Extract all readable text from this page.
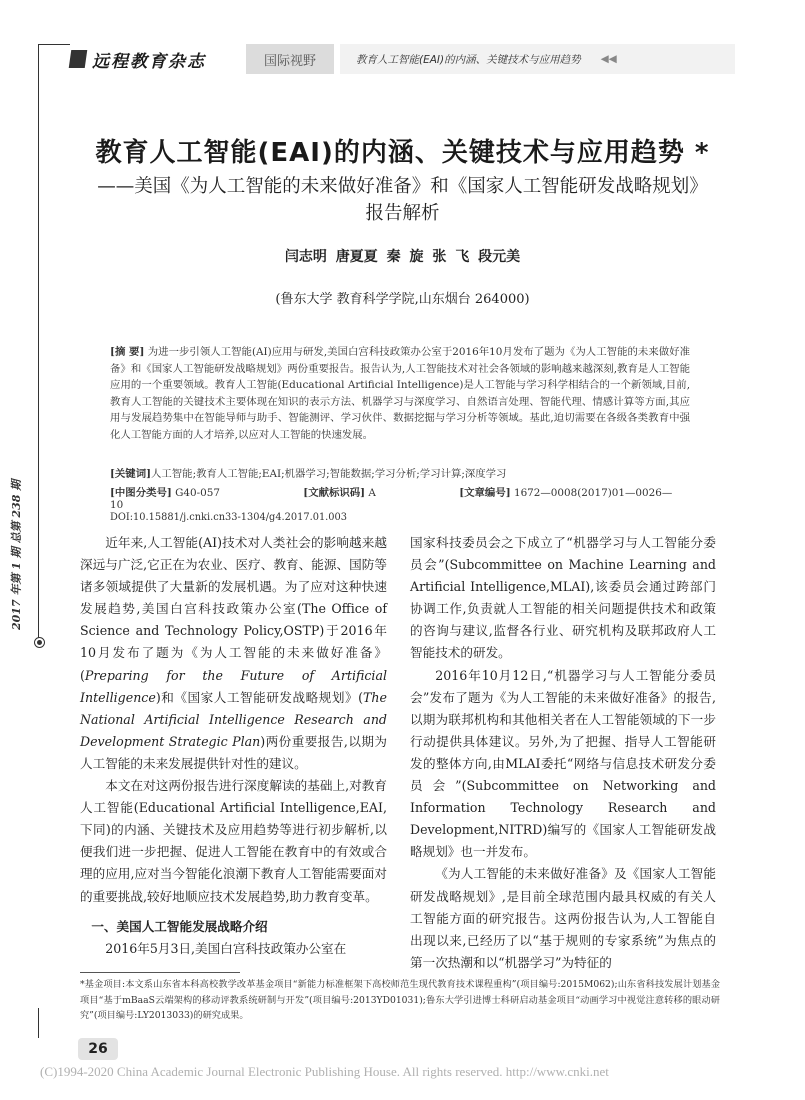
远程教育杂志	国际视野	教育人工智能(EAI)的内涵、关键技术与应用趋势 ◀◀
2017 年第 1 期 总第 238 期
教育人工智能(EAI)的内涵、关键技术与应用趋势 *
——美国《为人工智能的未来做好准备》和《国家人工智能研发战略规划》
报告解析
闫志明 唐夏夏 秦 旋 张 飞 段元美
(鲁东大学 教育科学学院,山东烟台 264000)
[摘 要] 为进一步引领人工智能(AI)应用与研发,美国白宫科技政策办公室于2016年10月发布了题为《为人工智能的未来做好准备》和《国家人工智能研发战略规划》两份重要报告。报告认为,人工智能技术对社会各领域的影响越来越深刻,教育是人工智能应用的一个重要领域。教育人工智能(Educational Artificial Intelligence)是人工智能与学习科学相结合的一个新领域,目前,教育人工智能的关键技术主要体现在知识的表示方法、机器学习与深度学习、自然语言处理、智能代理、情感计算等方面,其应用与发展趋势集中在智能导师与助手、智能测评、学习伙伴、数据挖掘与学习分析等领域。基此,迫切需要在各级各类教育中强化人工智能方面的人才培养,以应对人工智能的快速发展。
[关键词]人工智能;教育人工智能;EAI;机器学习;智能数据;学习分析;学习计算;深度学习
[中图分类号] G40-057	[文献标识码] A	[文章编号] 1672—0008(2017)01—0026—10
DOI:10.15881/j.cnki.cn33-1304/g4.2017.01.003

近年来,人工智能(AI)技术对人类社会的影响越来越深远与广泛,它正在为农业、医疗、教育、能源、国防等诸多领域提供了大量新的发展机遇。为了应对这种快速发展趋势,美国白宫科技政策办公室(The Office of Science and Technology Policy,OSTP)于2016年10月发布了题为《为人工智能的未来做好准备》(Preparing for the Future of Artificial Intelligence)和《国家人工智能研发战略规划》(The National Artificial Intelligence Research and Development Strategic Plan)两份重要报告,以期为人工智能的未来发展提供针对性的建议。

本文在对这两份报告进行深度解读的基础上,对教育人工智能(Educational Artificial Intelligence,EAI,下同)的内涵、关键技术及应用趋势等进行初步解析,以便我们进一步把握、促进人工智能在教育中的有效或合理的应用,应对当今智能化浪潮下教育人工智能需要面对的重要挑战,较好地顺应技术发展趋势,助力教育变革。

一、美国人工智能发展战略介绍

2016年5月3日,美国白宫科技政策办公室在

国家科技委员会之下成立了“机器学习与人工智能分委员会”(Subcommittee on Machine Learning and Artificial Intelligence,MLAI),该委员会通过跨部门协调工作,负责就人工智能的相关问题提供技术和政策的咨询与建议,监督各行业、研究机构及联邦政府人工智能技术的研发。

2016年10月12日,“机器学习与人工智能分委员会”发布了题为《为人工智能的未来做好准备》的报告,以期为联邦机构和其他相关者在人工智能领域的下一步行动提供具体建议。另外,为了把握、指导人工智能研发的整体方向,由MLAI委托“网络与信息技术研发分委员会”(Subcommittee on Networking and Information Technology Research and Development,NITRD)编写的《国家人工智能研发战略规划》也一并发布。

《为人工智能的未来做好准备》及《国家人工智能研发战略规划》,是目前全球范围内最具权威的有关人工智能方面的研究报告。这两份报告认为,人工智能自出现以来,已经历了以“基于规则的专家系统”为焦点的第一次热潮和以“机器学习”为特征的

*基金项目:本文系山东省本科高校教学改革基金项目“新能力标准框架下高校师范生现代教育技术课程重构”(项目编号:2015M062);山东省科技发展计划基金项目“基于mBaaS云端架构的移动评教系统研制与开发”(项目编号:2013YD01031);鲁东大学引进博士科研启动基金项目“动画学习中视觉注意转移的眼动研究”(项目编号:LY2013033)的研究成果。
26
(C)1994-2020 China Academic Journal Electronic Publishing House. All rights reserved. http://www.cnki.net
